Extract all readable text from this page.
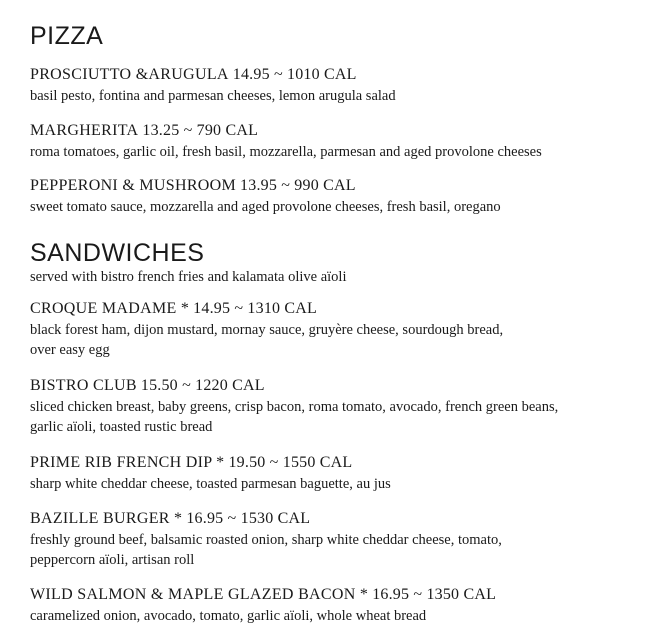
PIZZA
PROSCIUTTO &ARUGULA 14.95 ~ 1010 CAL
basil pesto, fontina and parmesan cheeses, lemon arugula salad
MARGHERITA 13.25 ~ 790 CAL
roma tomatoes, garlic oil, fresh basil, mozzarella, parmesan and aged provolone cheeses
PEPPERONI & MUSHROOM 13.95 ~ 990 CAL
sweet tomato sauce, mozzarella and aged provolone cheeses, fresh basil, oregano
SANDWICHES
served with bistro french fries and kalamata olive aïoli
CROQUE MADAME * 14.95 ~ 1310 CAL
black forest ham, dijon mustard, mornay sauce, gruyère cheese, sourdough bread,
over easy egg
BISTRO CLUB 15.50 ~ 1220 CAL
sliced chicken breast, baby greens, crisp bacon, roma tomato, avocado, french green beans,
garlic aïoli, toasted rustic bread
PRIME RIB FRENCH DIP * 19.50 ~ 1550 CAL
sharp white cheddar cheese, toasted parmesan baguette, au jus
BAZILLE BURGER * 16.95 ~ 1530 CAL
freshly ground beef, balsamic roasted onion, sharp white cheddar cheese, tomato,
peppercorn aïoli, artisan roll
WILD SALMON & MAPLE GLAZED BACON * 16.95 ~ 1350 CAL
caramelized onion, avocado, tomato, garlic aïoli, whole wheat bread
